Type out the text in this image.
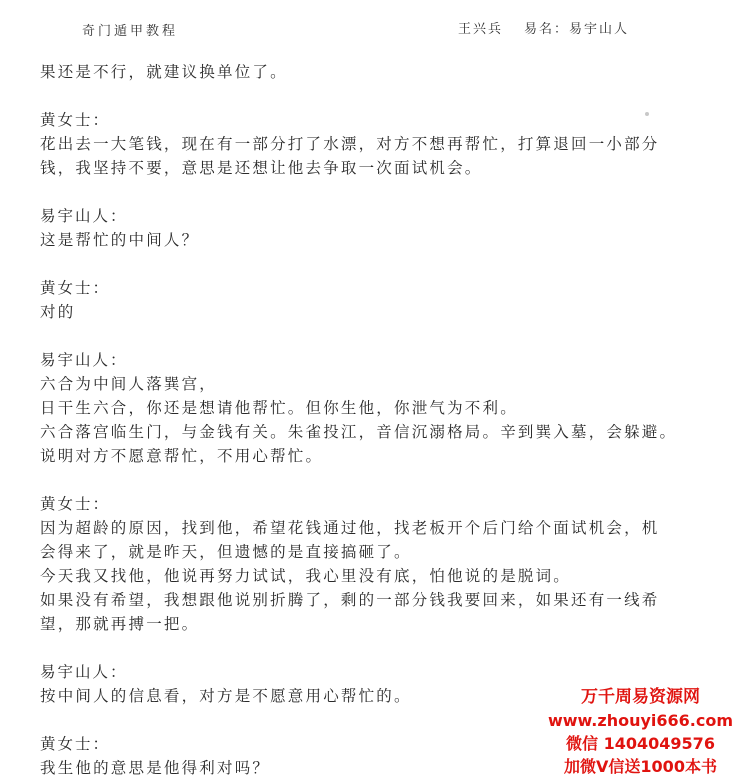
奇门遁甲教程	王兴兵 易名：易宇山人
果还是不行，就建议换单位了。
黄女士：
花出去一大笔钱，现在有一部分打了水漂，对方不想再帮忙，打算退回一小部分
钱，我坚持不要，意思是还想让他去争取一次面试机会。
易宇山人：
这是帮忙的中间人？
黄女士：
对的
易宇山人：
六合为中间人落巽宫，
日干生六合，你还是想请他帮忙。但你生他，你泄气为不利。
六合落宫临生门，与金钱有关。朱雀投江，音信沉溺格局。辛到巽入墓，会躲避。
说明对方不愿意帮忙，不用心帮忙。
黄女士：
因为超龄的原因，找到他，希望花钱通过他，找老板开个后门给个面试机会，机
会得来了，就是昨天，但遗憾的是直接搞砸了。
今天我又找他，他说再努力试试，我心里没有底，怕他说的是脱词。
如果没有希望，我想跟他说别折腾了，剩的一部分钱我要回来，如果还有一线希
望，那就再搏一把。
易宇山人：
按中间人的信息看，对方是不愿意用心帮忙的。
黄女士：
我生他的意思是他得利对吗？
万千周易资源网
www.zhouyi666.com
微信 1404049576
加微V信送1000本书
